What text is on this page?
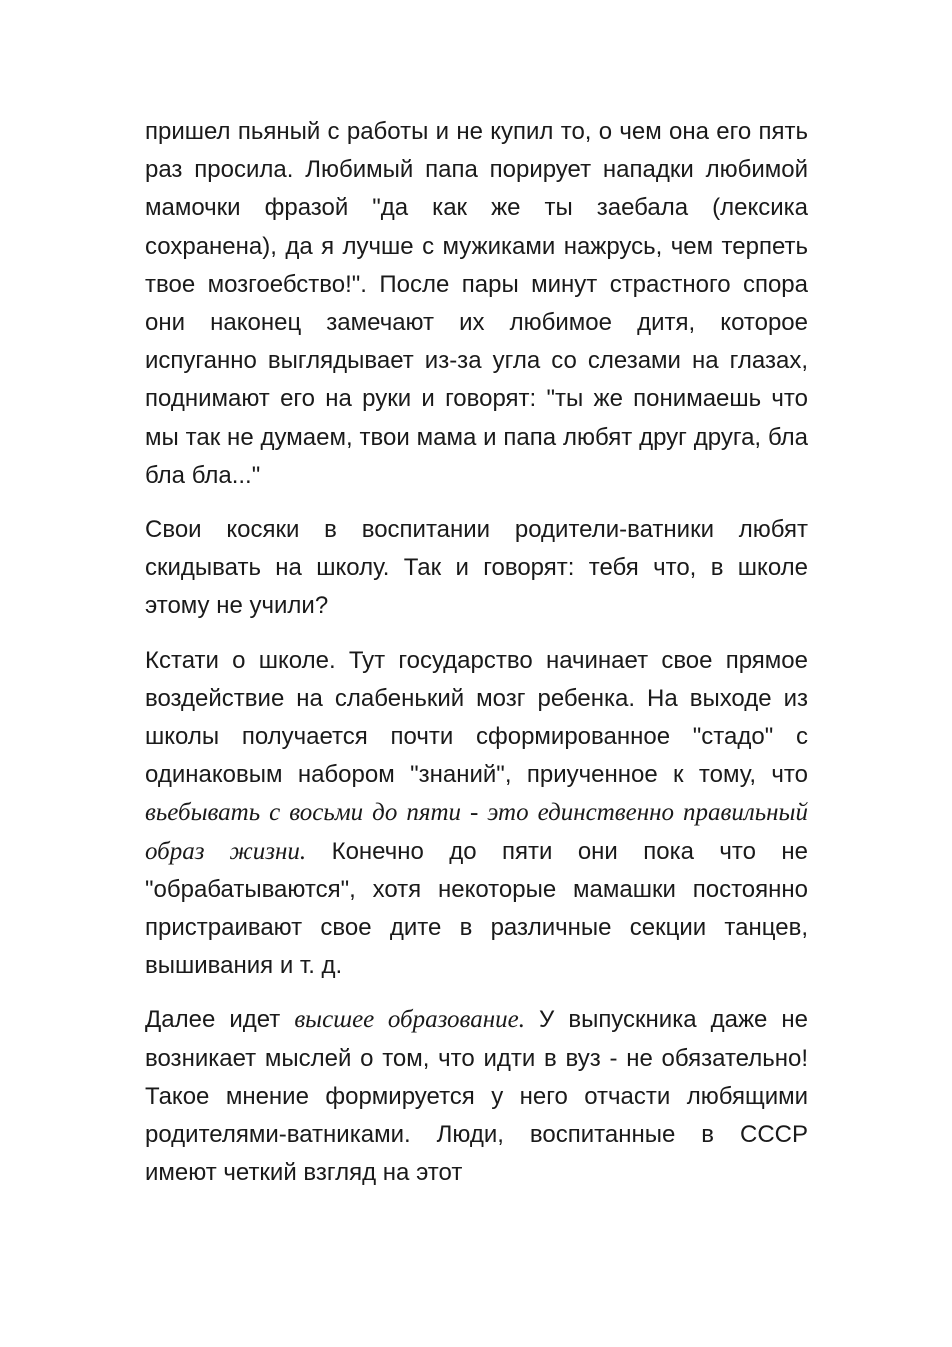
пришел пьяный с работы и не купил то, о чем она его пять раз просила. Любимый папа порирует нападки любимой мамочки фразой "да как же ты заебала (лексика сохранена), да я лучше с мужиками нажрусь, чем терпеть твое мозгоебство!". После пары минут страстного спора они наконец замечают их любимое дитя, которое испуганно выглядывает из-за угла со слезами на глазах, поднимают его на руки и говорят: "ты же понимаешь что мы так не думаем, твои мама и папа любят друг друга, бла бла бла..."

Свои косяки в воспитании родители-ватники любят скидывать на школу. Так и говорят: тебя что, в школе этому не учили?

Кстати о школе. Тут государство начинает свое прямое воздействие на слабенький мозг ребенка. На выходе из школы получается почти сформированное "стадо" с одинаковым набором "знаний", приученное к тому, что вьебывать с восьми до пяти - это единственно правильный образ жизни. Конечно до пяти они пока что не "обрабатываются", хотя некоторые мамашки постоянно пристраивают свое дите в различные секции танцев, вышивания и т. д.

Далее идет высшее образование. У выпускника даже не возникает мыслей о том, что идти в вуз - не обязательно! Такое мнение формируется у него отчасти любящими родителями-ватниками. Люди, воспитанные в СССР имеют четкий взгляд на этот
